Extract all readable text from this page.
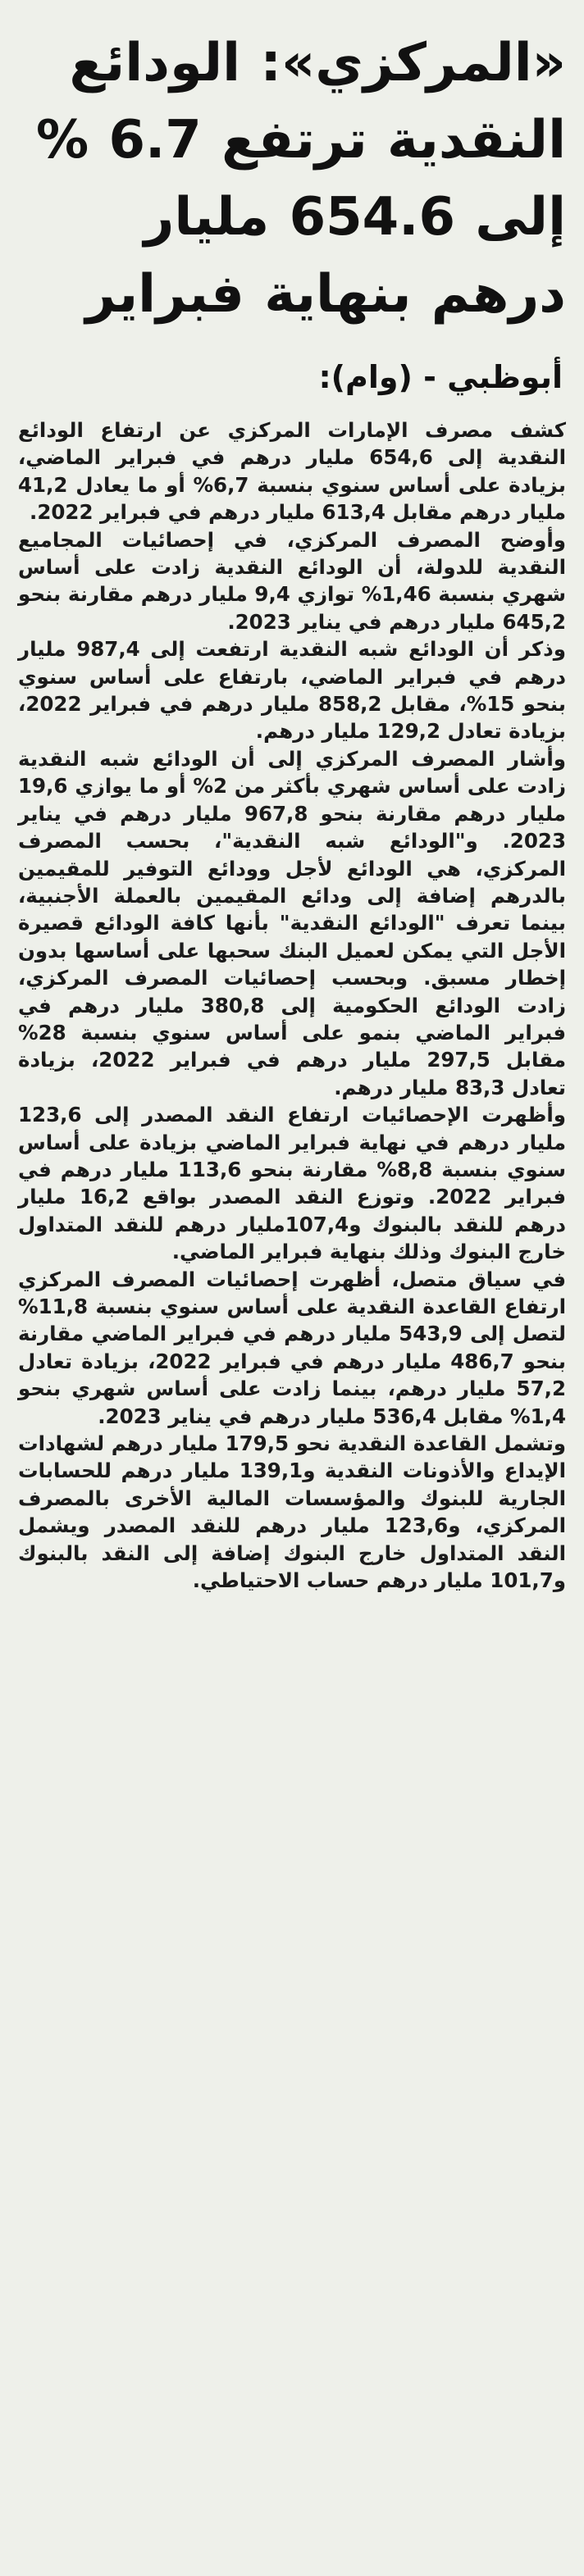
«المركزي»: الودائع
النقدية ترتفع 6.7 %
إلى 654.6 مليار
درهم بنهاية فبراير
أبوظبي - (وام):

كشف مصرف الإمارات المركزي عن ارتفاع الودائع النقدية إلى 654,6 مليار درهم في فبراير الماضي، بزيادة على أساس سنوي بنسبة 6,7% أو ما يعادل 41,2 مليار درهم مقابل 613,4 مليار درهم في فبراير 2022.

وأوضح المصرف المركزي، في إحصائيات المجاميع النقدية للدولة، أن الودائع النقدية زادت على أساس شهري بنسبة 1,46% توازي 9,4 مليار درهم مقارنة بنحو 645,2 مليار درهم في يناير 2023.

وذكر أن الودائع شبه النقدية ارتفعت إلى 987,4 مليار درهم في فبراير الماضي، بارتفاع على أساس سنوي بنحو 15%، مقابل 858,2 مليار درهم في فبراير 2022، بزيادة تعادل 129,2 مليار درهم.

وأشار المصرف المركزي إلى أن الودائع شبه النقدية زادت على أساس شهري بأكثر من 2% أو ما يوازي 19,6 مليار درهم مقارنة بنحو 967,8 مليار درهم في يناير 2023. و"الودائع شبه النقدية"، بحسب المصرف المركزي، هي الودائع لأجل وودائع التوفير للمقيمين بالدرهم إضافة إلى ودائع المقيمين بالعملة الأجنبية، بينما تعرف "الودائع النقدية" بأنها كافة الودائع قصيرة الأجل التي يمكن لعميل البنك سحبها على أساسها بدون إخطار مسبق. وبحسب إحصائيات المصرف المركزي، زادت الودائع الحكومية إلى 380,8 مليار درهم في فبراير الماضي بنمو على أساس سنوي بنسبة 28% مقابل 297,5 مليار درهم في فبراير 2022، بزيادة تعادل 83,3 مليار درهم.

وأظهرت الإحصائيات ارتفاع النقد المصدر إلى 123,6 مليار درهم في نهاية فبراير الماضي بزيادة على أساس سنوي بنسبة 8,8% مقارنة بنحو 113,6 مليار درهم في فبراير 2022. وتوزع النقد المصدر بواقع 16,2 مليار درهم للنقد بالبنوك و107,4مليار درهم للنقد المتداول خارج البنوك وذلك بنهاية فبراير الماضي.

في سياق متصل، أظهرت إحصائيات المصرف المركزي ارتفاع القاعدة النقدية على أساس سنوي بنسبة 11,8% لتصل إلى 543,9 مليار درهم في فبراير الماضي مقارنة بنحو 486,7 مليار درهم في فبراير 2022، بزيادة تعادل 57,2 مليار درهم، بينما زادت على أساس شهري بنحو 1,4% مقابل 536,4 مليار درهم في يناير 2023.

وتشمل القاعدة النقدية نحو 179,5 مليار درهم لشهادات الإيداع والأذونات النقدية و139,1 مليار درهم للحسابات الجارية للبنوك والمؤسسات المالية الأخرى بالمصرف المركزي، و123,6 مليار درهم للنقد المصدر ويشمل النقد المتداول خارج البنوك إضافة إلى النقد بالبنوك و101,7 مليار درهم حساب الاحتياطي.
